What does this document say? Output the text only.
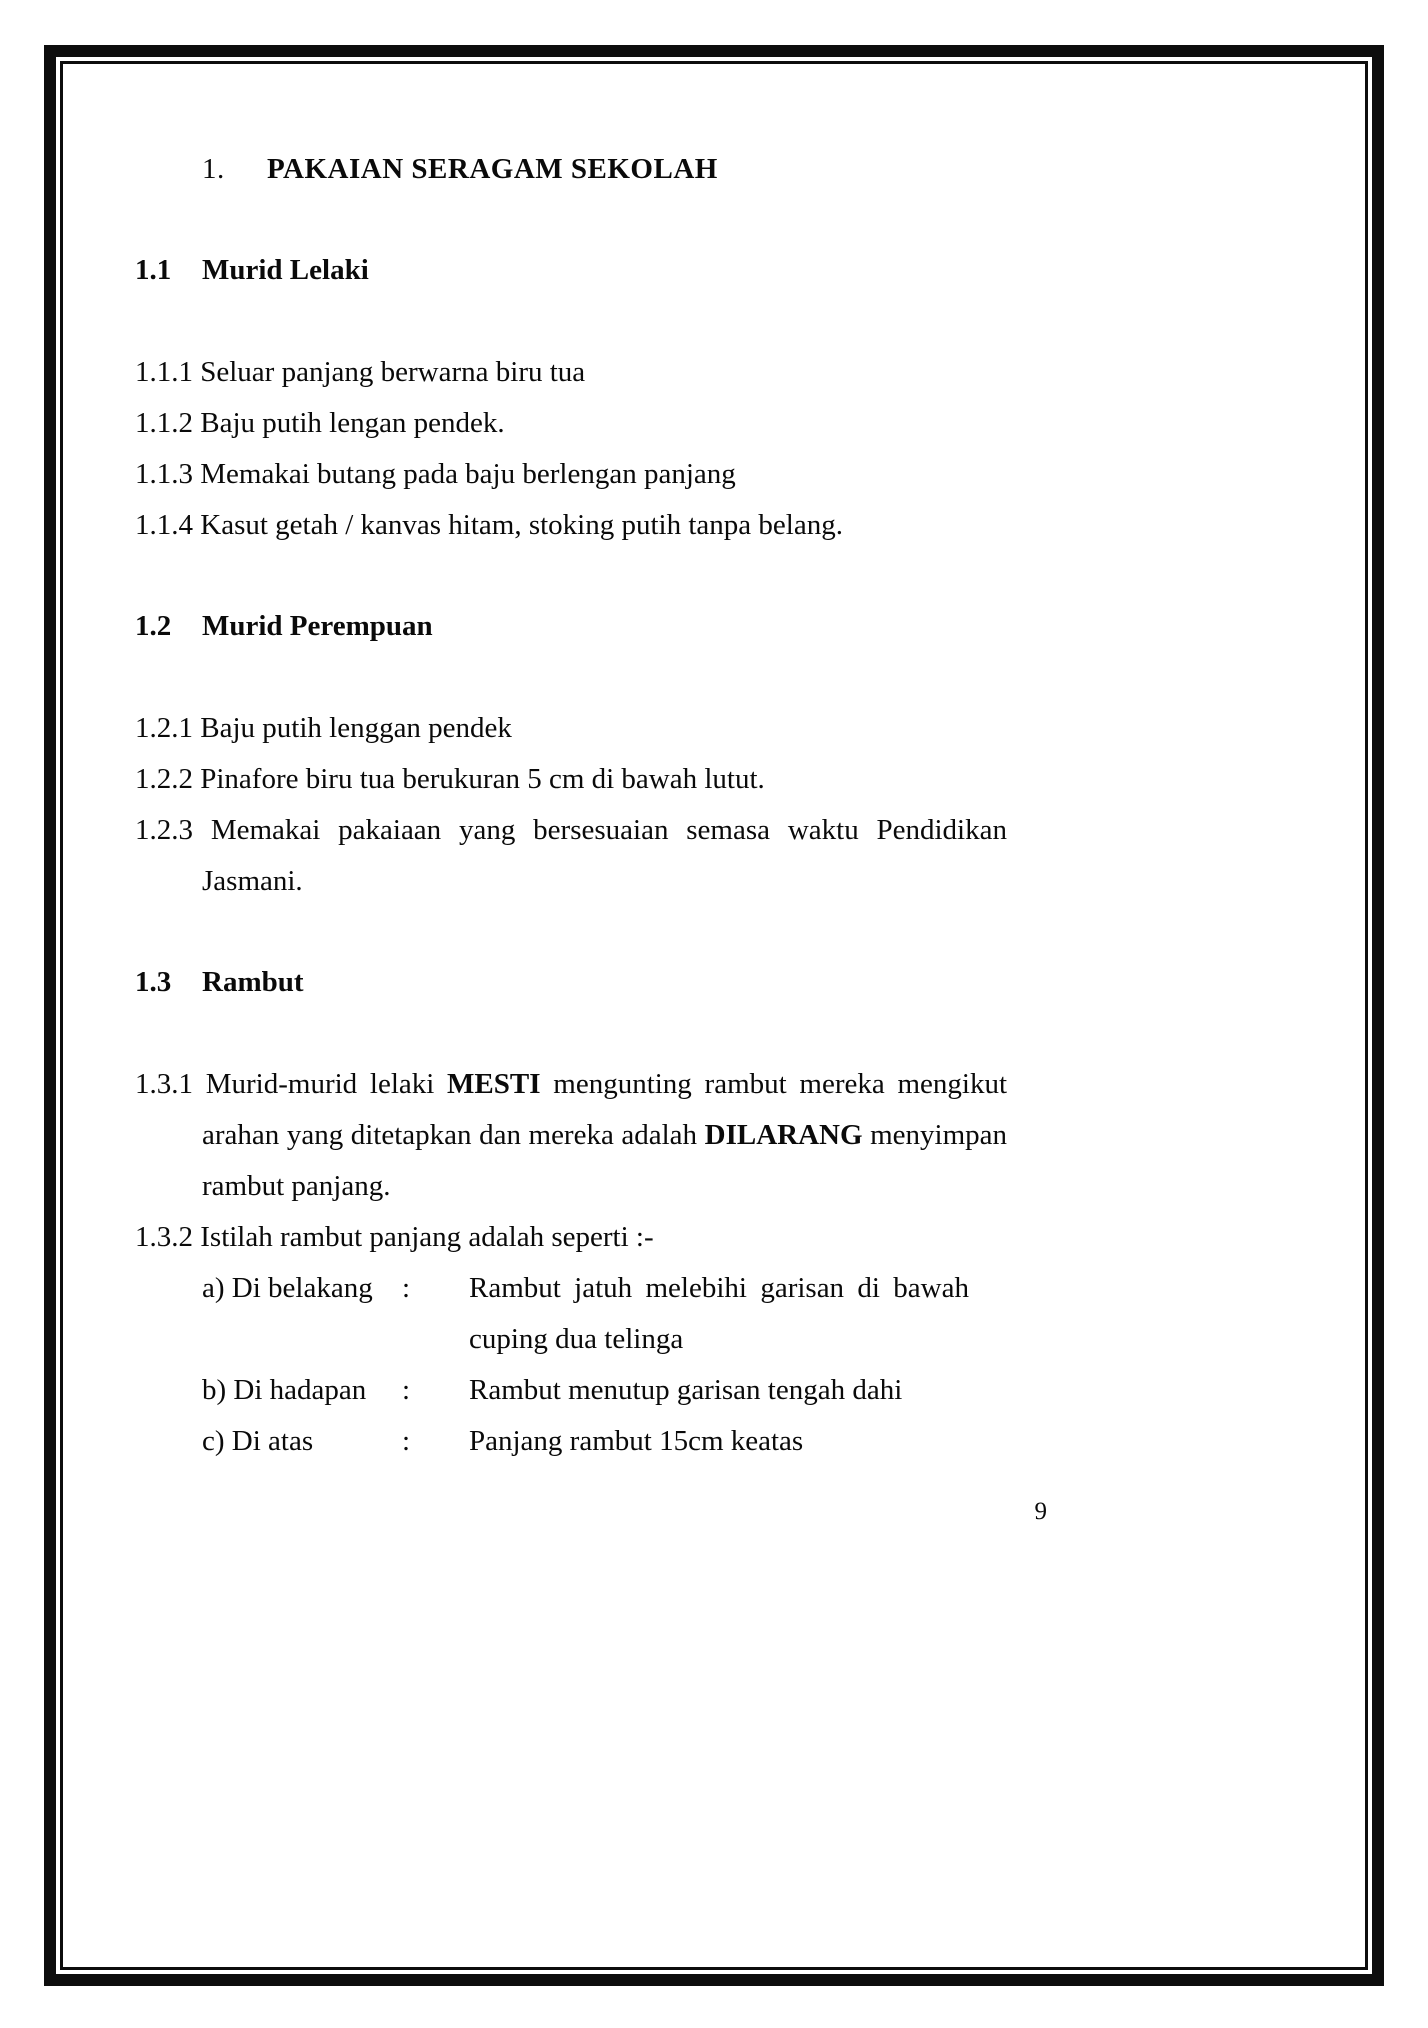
1. PAKAIAN SERAGAM SEKOLAH

1.1	Murid Lelaki

1.1.1 Seluar panjang berwarna biru tua

1.1.2 Baju putih lengan pendek.

1.1.3 Memakai butang pada baju berlengan panjang

1.1.4 Kasut getah / kanvas hitam, stoking putih tanpa belang.

1.2	Murid Perempuan

1.2.1 Baju putih lenggan pendek

1.2.2 Pinafore biru tua berukuran 5 cm di bawah lutut.

1.2.3 Memakai pakaiaan yang bersesuaian semasa waktu Pendidikan Jasmani.

1.3	Rambut

1.3.1 Murid-murid lelaki MESTI mengunting rambut mereka mengikut arahan yang ditetapkan dan mereka adalah DILARANG menyimpan rambut panjang.

1.3.2 Istilah rambut panjang adalah seperti :-

a) Di belakang	:	Rambut jatuh melebihi garisan di bawah cuping dua telinga
b) Di hadapan	:	Rambut menutup garisan tengah dahi
c) Di atas	:	Panjang rambut 15cm keatas

9
